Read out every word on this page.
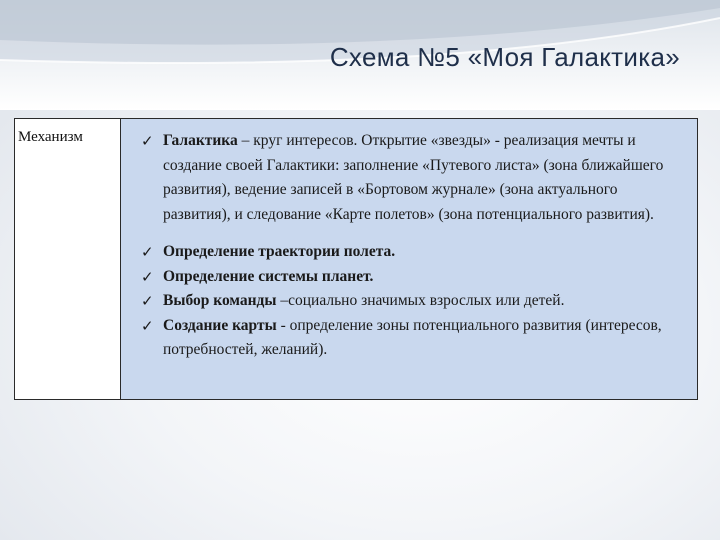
Схема №5 «Моя Галактика»
Механизм	✓ Галактика – круг интересов. Открытие «звезды» - реализация мечты и создание своей Галактики: заполнение «Путевого листа» (зона ближайшего развития), ведение записей в «Бортовом журнале» (зона актуального развития), и следование «Карте полетов» (зона потенциального развития).
✓ Определение траектории полета.
✓ Определение системы планет.
✓ Выбор команды –социально значимых взрослых или детей.
✓ Создание карты - определение зоны потенциального развития (интересов, потребностей, желаний).
